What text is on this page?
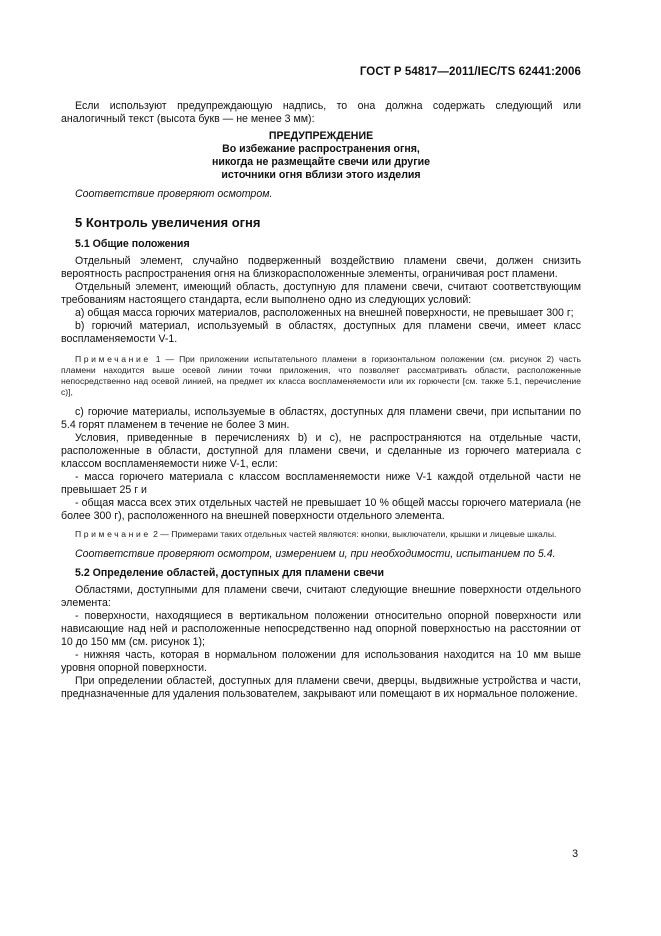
ГОСТ Р 54817—2011/IEC/TS 62441:2006

Если используют предупреждающую надпись, то она должна содержать следующий или аналогичный текст (высота букв — не менее 3 мм):

ПРЕДУПРЕЖДЕНИЕ
Во избежание распространения огня,
никогда не размещайте свечи или другие
источники огня вблизи этого изделия

Соответствие проверяют осмотром.

5 Контроль увеличения огня
5.1 Общие положения

Отдельный элемент, случайно подверженный воздействию пламени свечи, должен снизить вероятность распространения огня на близкорасположенные элементы, ограничивая рост пламени.

Отдельный элемент, имеющий область, доступную для пламени свечи, считают соответствующим требованиям настоящего стандарта, если выполнено одно из следующих условий:

а) общая масса горючих материалов, расположенных на внешней поверхности, не превышает 300 г;

b) горючий материал, используемый в областях, доступных для пламени свечи, имеет класс воспламеняемости V-1.

Примечание 1 — При приложении испытательного пламени в горизонтальном положении (см. рисунок 2) часть пламени находится выше осевой линии точки приложения, что позволяет рассматривать области, расположенные непосредственно над осевой линией, на предмет их класса воспламеняемости или их горючести [см. также 5.1, перечисление с)],

с) горючие материалы, используемые в областях, доступных для пламени свечи, при испытании по 5.4 горят пламенем в течение не более 3 мин.

Условия, приведенные в перечислениях b) и с), не распространяются на отдельные части, расположенные в области, доступной для пламени свечи, и сделанные из горючего материала с классом воспламеняемости ниже V-1, если:

- масса горючего материала с классом воспламеняемости ниже V-1 каждой отдельной части не превышает 25 г и

- общая масса всех этих отдельных частей не превышает 10 % общей массы горючего материала (не более 300 г), расположенного на внешней поверхности отдельного элемента.

Примечание 2 — Примерами таких отдельных частей являются: кнопки, выключатели, крышки и лицевые шкалы.

Соответствие проверяют осмотром, измерением и, при необходимости, испытанием по 5.4.

5.2 Определение областей, доступных для пламени свечи

Областями, доступными для пламени свечи, считают следующие внешние поверхности отдельного элемента:

- поверхности, находящиеся в вертикальном положении относительно опорной поверхности или нависающие над ней и расположенные непосредственно над опорной поверхностью на расстоянии от 10 до 150 мм (см. рисунок 1);

- нижняя часть, которая в нормальном положении для использования находится на 10 мм выше уровня опорной поверхности.

При определении областей, доступных для пламени свечи, дверцы, выдвижные устройства и части, предназначенные для удаления пользователем, закрывают или помещают в их нормальное положение.

3
